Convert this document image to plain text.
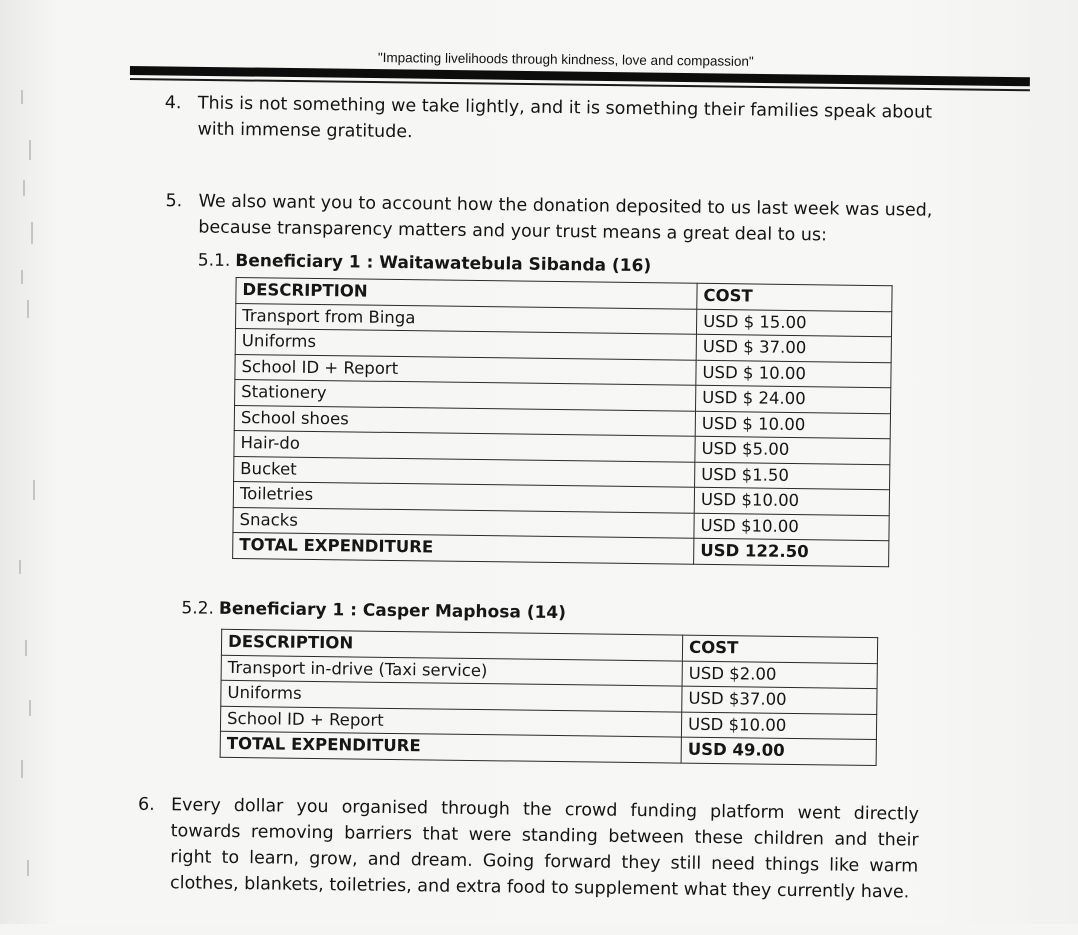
"Impacting livelihoods through kindness, love and compassion"
4. This is not something we take lightly, and it is something their families speak about
with immense gratitude.
5. We also want you to account how the donation deposited to us last week was used,
because transparency matters and your trust means a great deal to us:
5.1. Beneficiary 1 : Waitawatebula Sibanda (16)
DESCRIPTION	COST
Transport from Binga	USD $ 15.00
Uniforms	USD $ 37.00
School ID + Report	USD $ 10.00
Stationery	USD $ 24.00
School shoes	USD $ 10.00
Hair-do	USD $5.00
Bucket	USD $1.50
Toiletries	USD $10.00
Snacks	USD $10.00
TOTAL EXPENDITURE	USD 122.50
5.2. Beneficiary 1 : Casper Maphosa (14)
DESCRIPTION	COST
Transport in-drive (Taxi service)	USD $2.00
Uniforms	USD $37.00
School ID + Report	USD $10.00
TOTAL EXPENDITURE	USD 49.00
6. Every dollar you organised through the crowd funding platform went directly
towards removing barriers that were standing between these children and their
right to learn, grow, and dream. Going forward they still need things like warm
clothes, blankets, toiletries, and extra food to supplement what they currently have.
